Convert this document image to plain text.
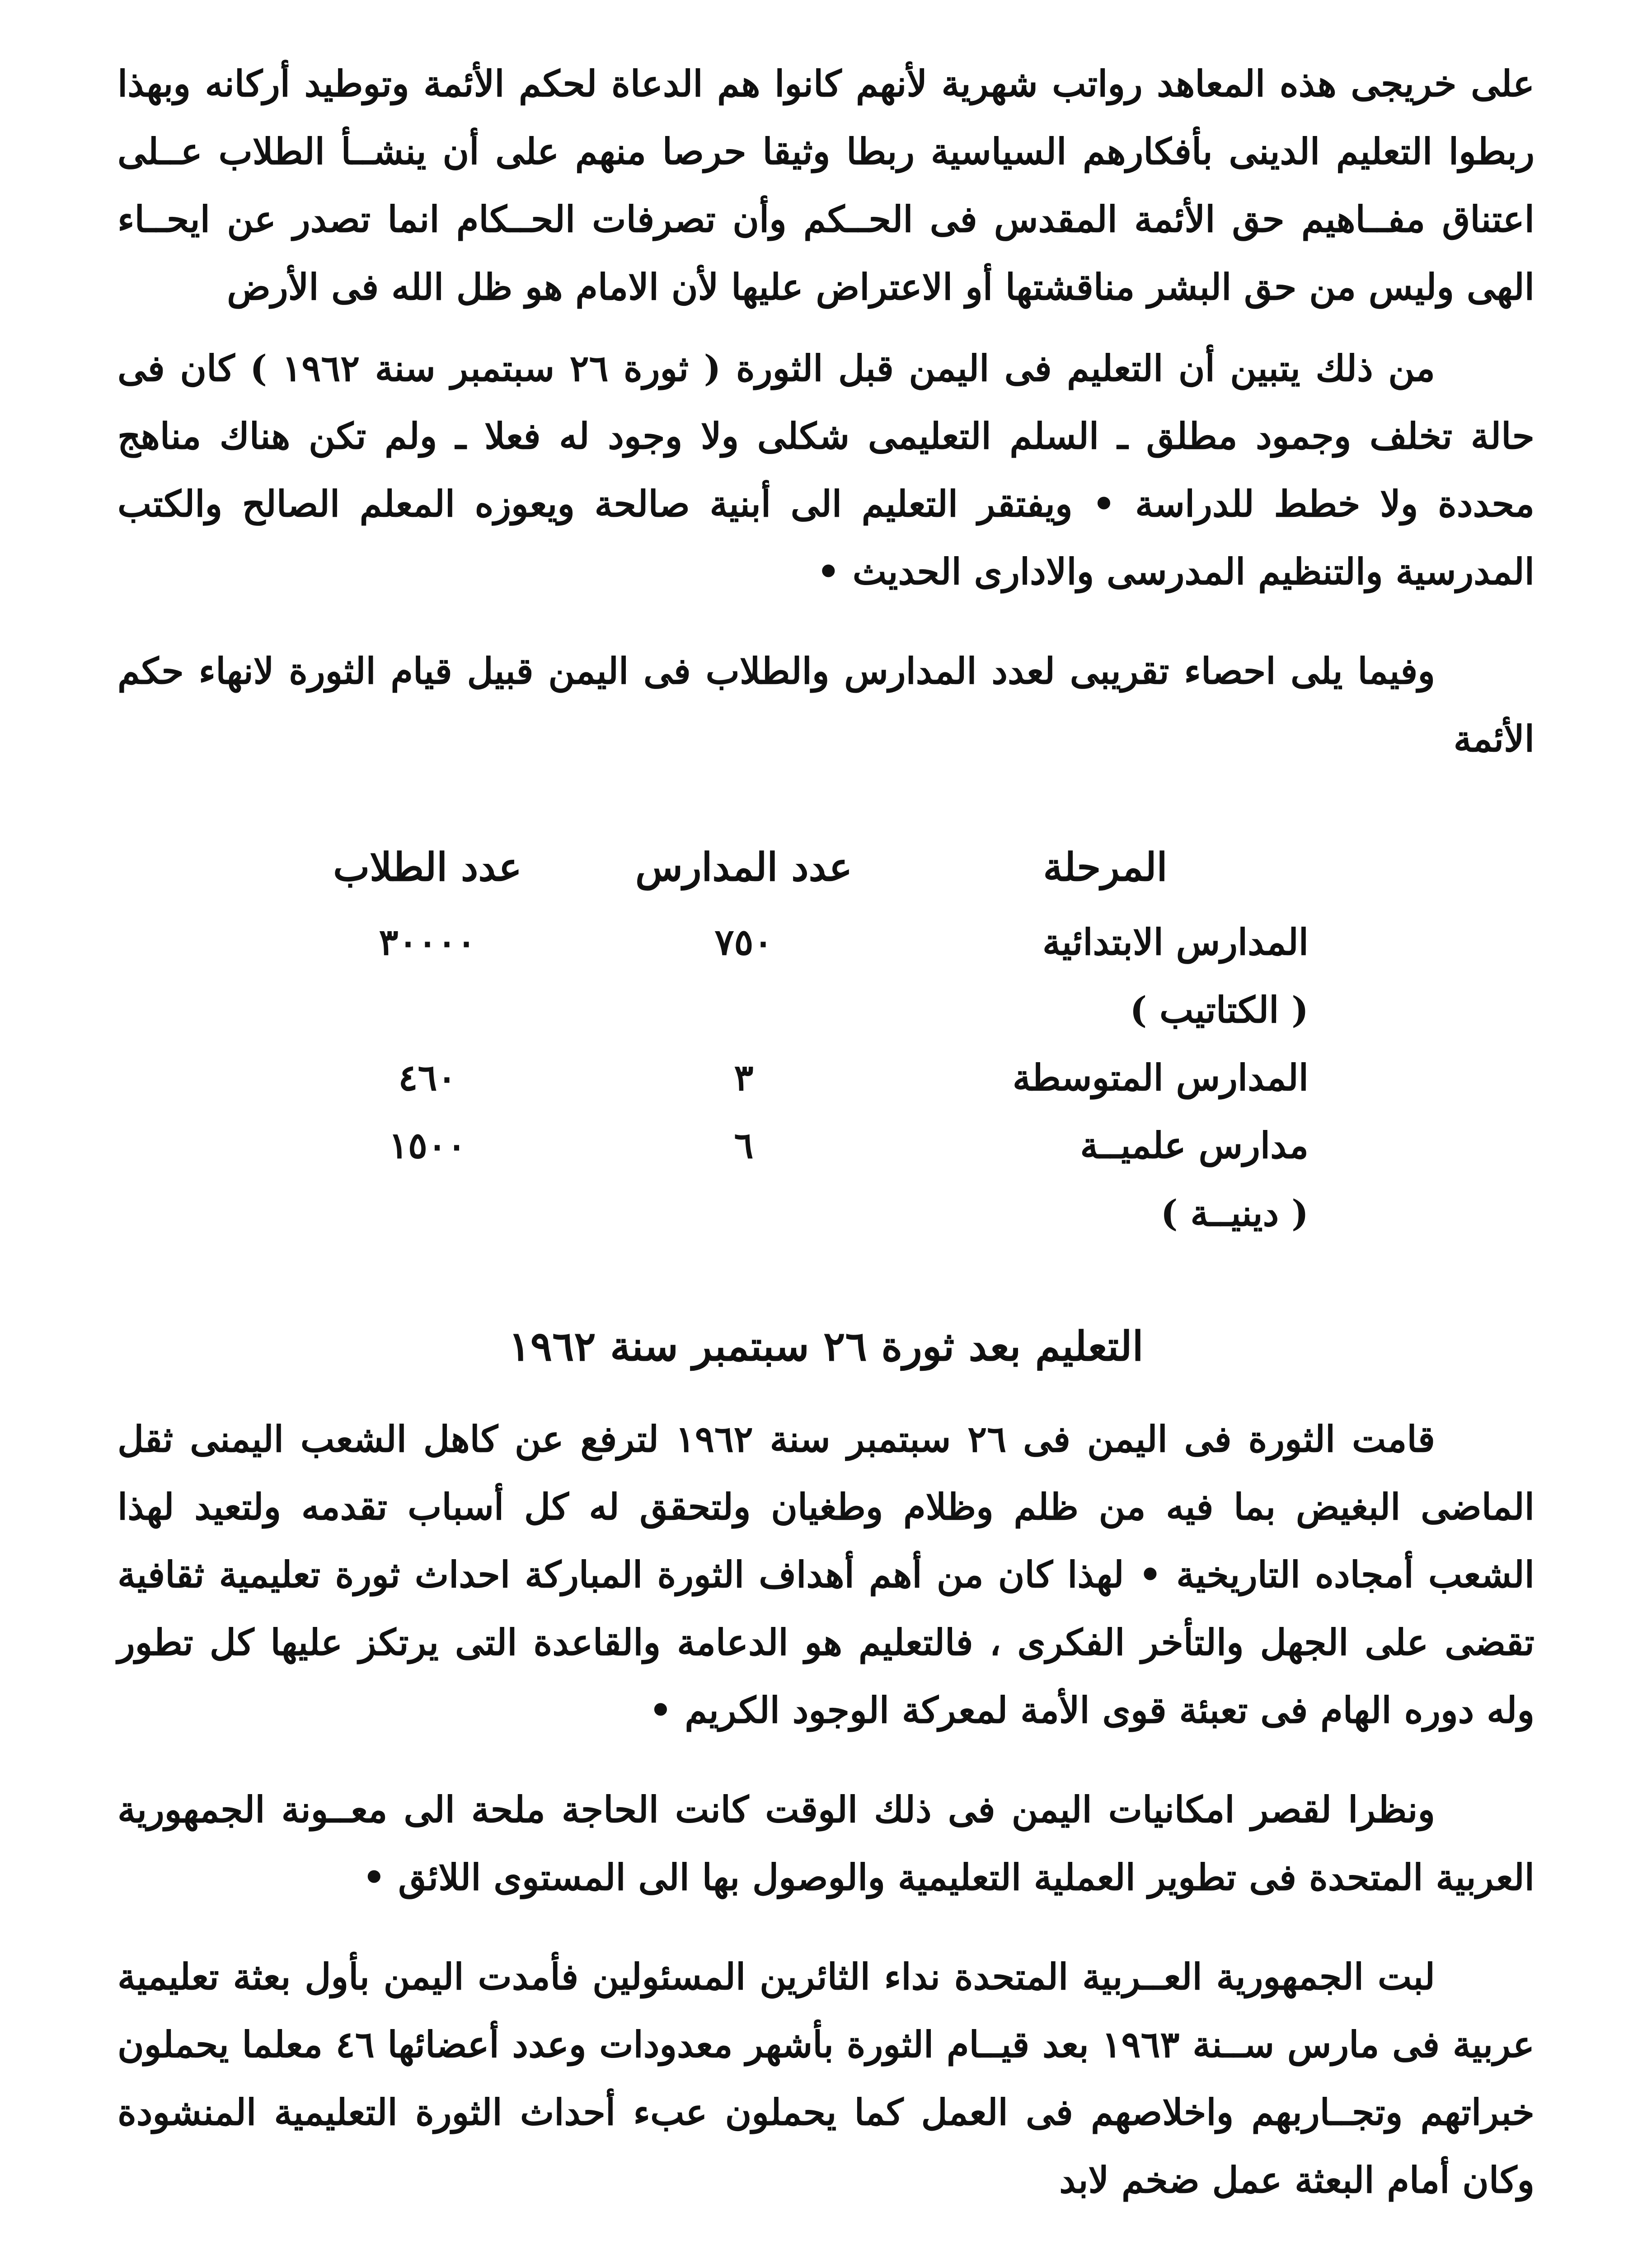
على خريجى هذه المعاهد رواتب شهرية لأنهم كانوا هم الدعاة لحكم الأئمة وتوطيد أركانه وبهذا ربطوا التعليم الدينى بأفكارهم السياسية ربطا وثيقا حرصا منهم على أن ينشــأ الطلاب عــلى اعتناق مفــاهيم حق الأئمة المقدس فى الحــكم وأن تصرفات الحــكام انما تصدر عن ايحــاء الهى وليس من حق البشر مناقشتها أو الاعتراض عليها لأن الامام هو ظل الله فى الأرض

من ذلك يتبين أن التعليم فى اليمن قبل الثورة ( ثورة ٢٦ سبتمبر سنة ١٩٦٢ ) كان فى حالة تخلف وجمود مطلق ـ السلم التعليمى شكلى ولا وجود له فعلا ـ ولم تكن هناك مناهج محددة ولا خطط للدراسة • ويفتقر التعليم الى أبنية صالحة ويعوزه المعلم الصالح والكتب المدرسية والتنظيم المدرسى والادارى الحديث •

وفيما يلى احصاء تقريبى لعدد المدارس والطلاب فى اليمن قبيل قيام الثورة لانهاء حكم الأئمة

المرحلة	عدد المدارس	عدد الطلاب
المدارس الابتدائية	٧٥٠	٣٠٠٠٠
( الكتاتيب )		
المدارس المتوسطة	٣	٤٦٠
مدارس علميــة	٦	١٥٠٠
( دينيــة )		
التعليم بعد ثورة ٢٦ سبتمبر سنة ١٩٦٢

قامت الثورة فى اليمن فى ٢٦ سبتمبر سنة ١٩٦٢ لترفع عن كاهل الشعب اليمنى ثقل الماضى البغيض بما فيه من ظلم وظلام وطغيان ولتحقق له كل أسباب تقدمه ولتعيد لهذا الشعب أمجاده التاريخية • لهذا كان من أهم أهداف الثورة المباركة احداث ثورة تعليمية ثقافية تقضى على الجهل والتأخر الفكرى ، فالتعليم هو الدعامة والقاعدة التى يرتكز عليها كل تطور وله دوره الهام فى تعبئة قوى الأمة لمعركة الوجود الكريم •

ونظرا لقصر امكانيات اليمن فى ذلك الوقت كانت الحاجة ملحة الى معــونة الجمهورية العربية المتحدة فى تطوير العملية التعليمية والوصول بها الى المستوى اللائق •

لبت الجمهورية العــربية المتحدة نداء الثائرين المسئولين فأمدت اليمن بأول بعثة تعليمية عربية فى مارس ســنة ١٩٦٣ بعد قيــام الثورة بأشهر معدودات وعدد أعضائها ٤٦ معلما يحملون خبراتهم وتجــاربهم واخلاصهم فى العمل كما يحملون عبء أحداث الثورة التعليمية المنشودة وكان أمام البعثة عمل ضخم لابد
